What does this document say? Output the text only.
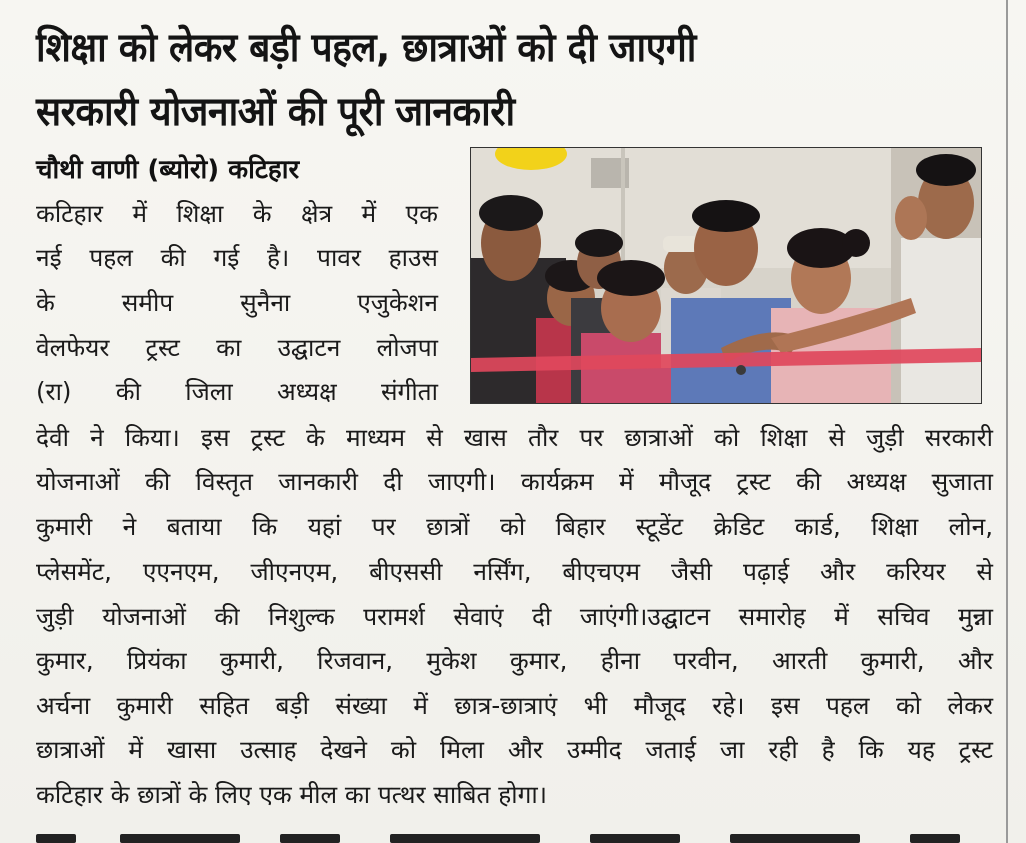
शिक्षा को लेकर बड़ी पहल, छात्राओं को दी जाएगी
सरकारी योजनाओं की पूरी जानकारी
चौथी वाणी (ब्योरो) कटिहार
कटिहार में शिक्षा के क्षेत्र में एक
नई पहल की गई है। पावर हाउस
के समीप सुनैना एजुकेशन
वेलफेयर ट्रस्ट का उद्घाटन लोजपा
(रा) की जिला अध्यक्ष संगीता
देवी ने किया। इस ट्रस्ट के माध्यम से खास तौर पर छात्राओं को शिक्षा से जुड़ी सरकारी
योजनाओं की विस्तृत जानकारी दी जाएगी। कार्यक्रम में मौजूद ट्रस्ट की अध्यक्ष सुजाता
कुमारी ने बताया कि यहां पर छात्रों को बिहार स्टूडेंट क्रेडिट कार्ड, शिक्षा लोन,
प्लेसमेंट, एएनएम, जीएनएम, बीएससी नर्सिंग, बीएचएम जैसी पढ़ाई और करियर से
जुड़ी योजनाओं की निशुल्क परामर्श सेवाएं दी जाएंगी।उद्घाटन समारोह में सचिव मुन्ना
कुमार, प्रियंका कुमारी, रिजवान, मुकेश कुमार, हीना परवीन, आरती कुमारी, और
अर्चना कुमारी सहित बड़ी संख्या में छात्र-छात्राएं भी मौजूद रहे। इस पहल को लेकर
छात्राओं में खासा उत्साह देखने को मिला और उम्मीद जताई जा रही है कि यह ट्रस्ट
कटिहार के छात्रों के लिए एक मील का पत्थर साबित होगा।
